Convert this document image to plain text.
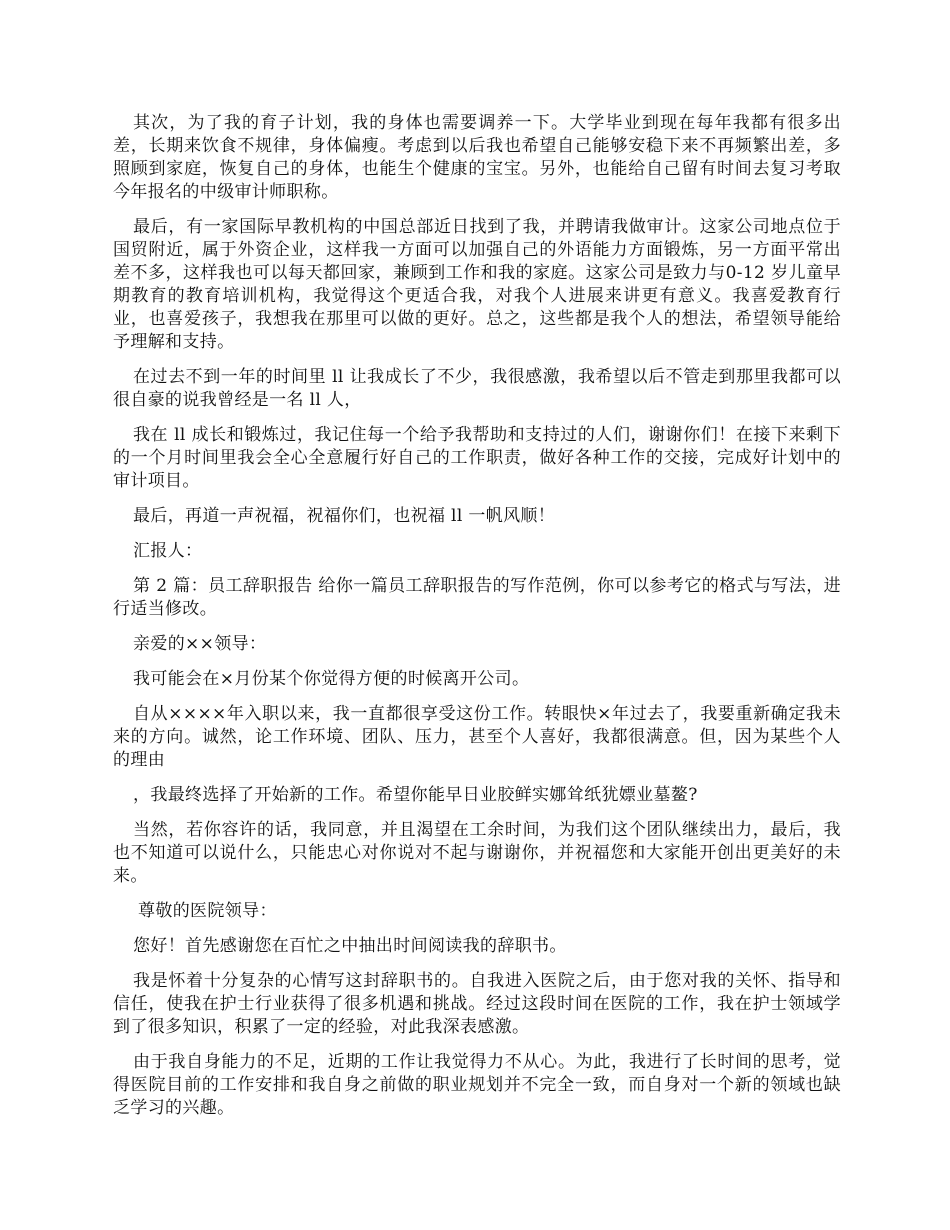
其次，为了我的育子计划，我的身体也需要调养一下。大学毕业到现在每年我都有很多出差，长期来饮食不规律，身体偏瘦。考虑到以后我也希望自己能够安稳下来不再频繁出差，多照顾到家庭，恢复自己的身体，也能生个健康的宝宝。另外，也能给自己留有时间去复习考取今年报名的中级审计师职称。

最后，有一家国际早教机构的中国总部近日找到了我，并聘请我做审计。这家公司地点位于国贸附近，属于外资企业，这样我一方面可以加强自己的外语能力方面锻炼，另一方面平常出差不多，这样我也可以每天都回家，兼顾到工作和我的家庭。这家公司是致力与0-12 岁儿童早期教育的教育培训机构，我觉得这个更适合我，对我个人进展来讲更有意义。我喜爱教育行业，也喜爱孩子，我想我在那里可以做的更好。总之，这些都是我个人的想法，希望领导能给予理解和支持。

在过去不到一年的时间里 ll 让我成长了不少，我很感激，我希望以后不管走到那里我都可以很自豪的说我曾经是一名 ll 人，

我在 ll 成长和锻炼过，我记住每一个给予我帮助和支持过的人们，谢谢你们！在接下来剩下的一个月时间里我会全心全意履行好自己的工作职责，做好各种工作的交接，完成好计划中的审计项目。

最后，再道一声祝福，祝福你们，也祝福 ll 一帆风顺！

汇报人：

第 2 篇：员工辞职报告 给你一篇员工辞职报告的写作范例，你可以参考它的格式与写法，进行适当修改。

亲爱的××领导：

我可能会在×月份某个你觉得方便的时候离开公司。

自从××××年入职以来，我一直都很享受这份工作。转眼快×年过去了，我要重新确定我未来的方向。诚然，论工作环境、团队、压力，甚至个人喜好，我都很满意。但，因为某些个人的理由

，我最终选择了开始新的工作。希望你能早日业胶鲜实娜耸纸犹嫖业墓鳌?

当然，若你容许的话，我同意，并且渴望在工余时间，为我们这个团队继续出力，最后，我也不知道可以说什么，只能忠心对你说对不起与谢谢你，并祝福您和大家能开创出更美好的未来。

尊敬的医院领导：

您好！首先感谢您在百忙之中抽出时间阅读我的辞职书。

我是怀着十分复杂的心情写这封辞职书的。自我进入医院之后，由于您对我的关怀、指导和信任，使我在护士行业获得了很多机遇和挑战。经过这段时间在医院的工作，我在护士领域学到了很多知识，积累了一定的经验，对此我深表感激。

由于我自身能力的不足，近期的工作让我觉得力不从心。为此，我进行了长时间的思考，觉得医院目前的工作安排和我自身之前做的职业规划并不完全一致，而自身对一个新的领域也缺乏学习的兴趣。
